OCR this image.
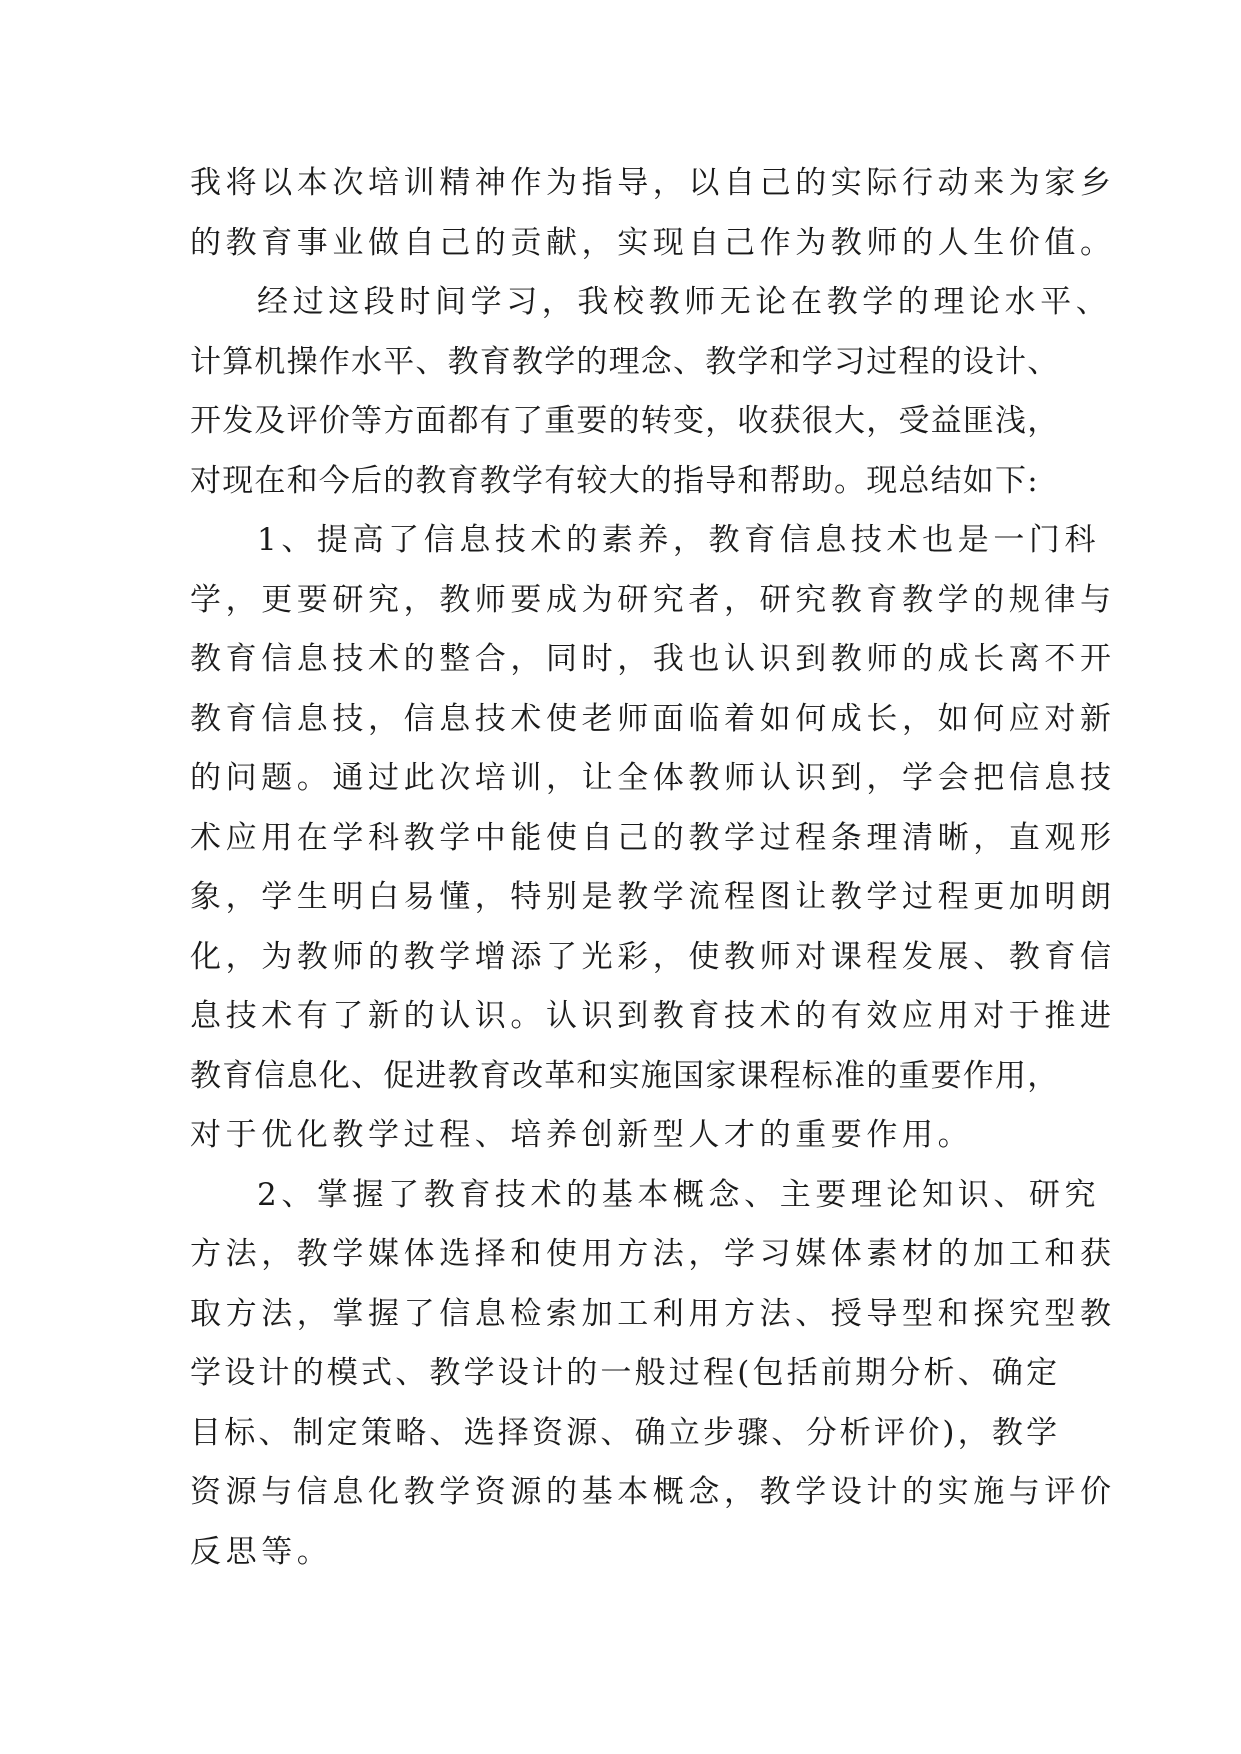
我将以本次培训精神作为指导，以自己的实际行动来为家乡
的教育事业做自己的贡献，实现自己作为教师的人生价值。
经过这段时间学习，我校教师无论在教学的理论水平、
计算机操作水平、教育教学的理念、教学和学习过程的设计、
开发及评价等方面都有了重要的转变，收获很大，受益匪浅，
对现在和今后的教育教学有较大的指导和帮助。现总结如下:
1、提高了信息技术的素养，教育信息技术也是一门科
学，更要研究，教师要成为研究者，研究教育教学的规律与
教育信息技术的整合，同时，我也认识到教师的成长离不开
教育信息技，信息技术使老师面临着如何成长，如何应对新
的问题。通过此次培训，让全体教师认识到，学会把信息技
术应用在学科教学中能使自己的教学过程条理清晰，直观形
象，学生明白易懂，特别是教学流程图让教学过程更加明朗
化，为教师的教学增添了光彩，使教师对课程发展、教育信
息技术有了新的认识。认识到教育技术的有效应用对于推进
教育信息化、促进教育改革和实施国家课程标准的重要作用，
对于优化教学过程、培养创新型人才的重要作用。
2、掌握了教育技术的基本概念、主要理论知识、研究
方法，教学媒体选择和使用方法，学习媒体素材的加工和获
取方法，掌握了信息检索加工利用方法、授导型和探究型教
学设计的模式、教学设计的一般过程(包括前期分析、确定
目标、制定策略、选择资源、确立步骤、分析评价)，教学
资源与信息化教学资源的基本概念，教学设计的实施与评价
反思等。
